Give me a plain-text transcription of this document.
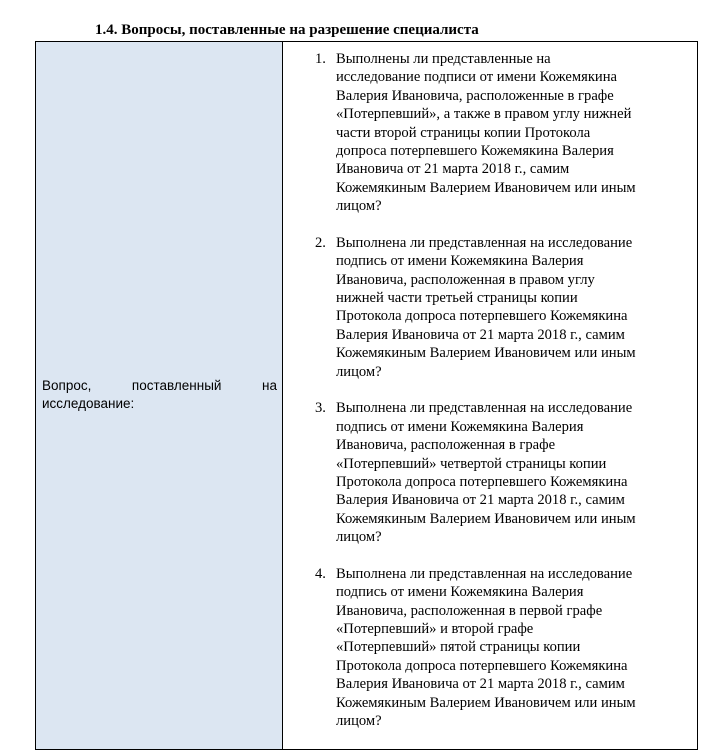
1.4. Вопросы, поставленные на разрешение специалиста
Вопрос, поставленный на исследование:

1. Выполнены ли представленные на
исследование подписи от имени Кожемякина
Валерия Ивановича, расположенные в графе
«Потерпевший», а также в правом углу нижней
части второй страницы копии Протокола
допроса потерпевшего Кожемякина Валерия
Ивановича от 21 марта 2018 г., самим
Кожемякиным Валерием Ивановичем или иным
лицом?
2. Выполнена ли представленная на исследование
подпись от имени Кожемякина Валерия
Ивановича, расположенная в правом углу
нижней части третьей страницы копии
Протокола допроса потерпевшего Кожемякина
Валерия Ивановича от 21 марта 2018 г., самим
Кожемякиным Валерием Ивановичем или иным
лицом?
3. Выполнена ли представленная на исследование
подпись от имени Кожемякина Валерия
Ивановича, расположенная в графе
«Потерпевший» четвертой страницы копии
Протокола допроса потерпевшего Кожемякина
Валерия Ивановича от 21 марта 2018 г., самим
Кожемякиным Валерием Ивановичем или иным
лицом?
4. Выполнена ли представленная на исследование
подпись от имени Кожемякина Валерия
Ивановича, расположенная в первой графе
«Потерпевший» и второй графе
«Потерпевший» пятой страницы копии
Протокола допроса потерпевшего Кожемякина
Валерия Ивановича от 21 марта 2018 г., самим
Кожемякиным Валерием Ивановичем или иным
лицом?
